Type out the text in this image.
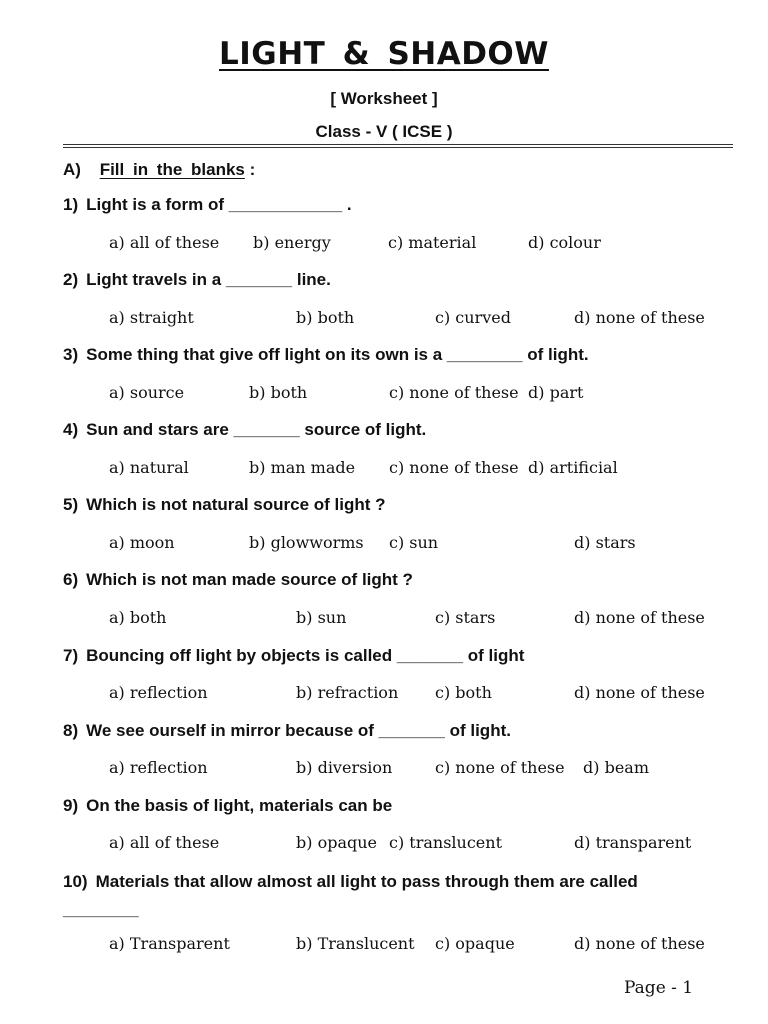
LIGHT & SHADOW
[ Worksheet ]
Class - V ( ICSE )
A) Fill in the blanks :
1) Light is a form of ____________ .
a) all of these b) energy	c) material	d) colour
2) Light travels in a _______ line.
a) straight	b) both	c) curved	d) none of these
3) Some thing that give off light on its own is a ________ of light.
a) source	b) both	c) none of these d) part
4) Sun and stars are _______ source of light.
a) natural	b) man made c) none of these d) artificial
5) Which is not natural source of light ?
a) moon	b) glowworms c) sun	d) stars
6) Which is not man made source of light ?
a) both	b) sun	c) stars	d) none of these
7) Bouncing off light by objects is called _______ of light
a) reflection	b) refraction c) both	d) none of these
8) We see ourself in mirror because of _______ of light.
a) reflection	b) diversion	c) none of these d) beam
9) On the basis of light, materials can be
a) all of these	b) opaque c) translucent	d) transparent
10) Materials that allow almost all light to pass through them are called
________
a) Transparent	b) Translucent c) opaque	d) none of these
Page - 1
